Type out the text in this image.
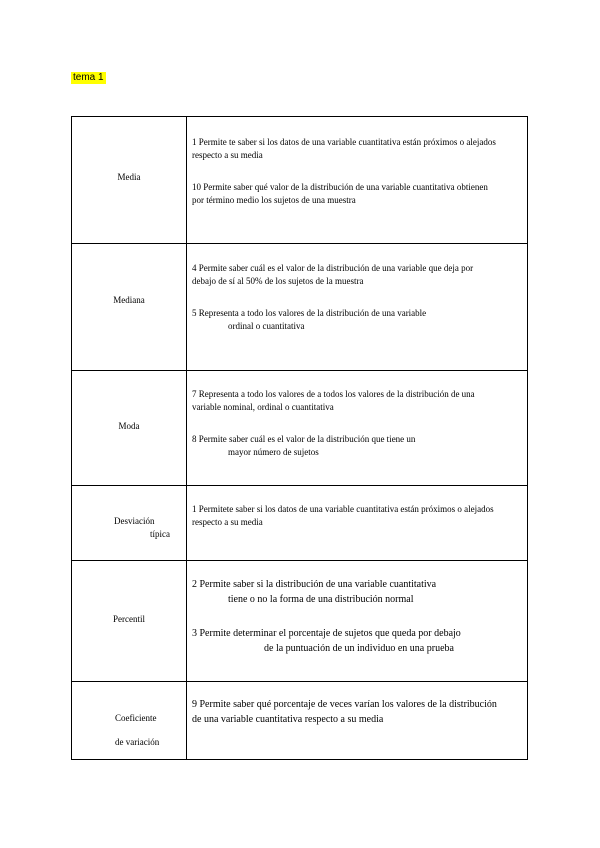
tema 1
Media	1 Permite te saber si los datos de una variable cuantitativa están próximos o alejados respecto a su media
10 Permite saber qué valor de la distribución de una variable cuantitativa obtienen por término medio los sujetos de una muestra

Mediana	4 Permite saber cuál es el valor de la distribución de una variable que deja por debajo de sí al 50% de los sujetos de la muestra
5 Representa a todo los valores de la distribución de una variable
ordinal o cuantitativa

Moda	7 Representa a todo los valores de a todos los valores de la distribución de una variable nominal, ordinal o cuantitativa
8 Permite saber cuál es el valor de la distribución que tiene un
mayor número de sujetos

Desviación
típica	1 Permitete saber si los datos de una variable cuantitativa están próximos o alejados respecto a su media

Percentil	2 Permite saber si la distribución de una variable cuantitativa
tiene o no la forma de una distribución normal
3 Permite determinar el porcentaje de sujetos que queda por debajo
de la puntuación de un individuo en una prueba

Coeficiente
de variación	9 Permite saber qué porcentaje de veces varían los valores de la distribución de una variable cuantitativa respecto a su media
